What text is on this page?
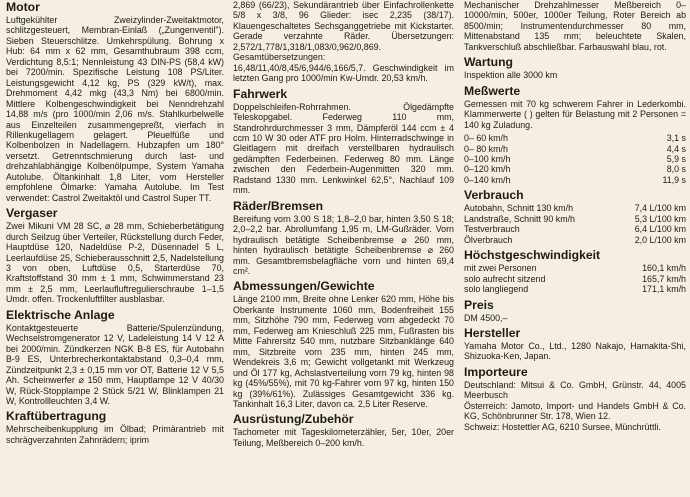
Motor

Luftgekühlter Zweizylinder-Zweitaktmotor, schlitzgesteuert, Membran-Einlaß („Zungenventil"). Sieben Steuerschlitze. Umkehrspülung. Bohrung x Hub: 64 mm x 62 mm, Gesamthubraum 398 ccm, Verdichtung 8,5:1; Nennleistung 43 DIN-PS (58,4 kW) bei 7200/min. Spezifische Leistung 108 PS/Liter. Leistungsgewicht 4,12 kg, PS (329 kW/t), max. Drehmoment 4,42 mkg (43,3 Nm) bei 6800/min. Mittlere Kolbengeschwindigkeit bei Nenndrehzahl 14,88 m/s (pro 1000/min 2,06 m/s. Stahlkurbelwelle aus Einzelteilen zusammengepreßt, vierfach in Rillenkugellagern gelagert. Pleuelfüße und Kolbenbolzen in Nadellagern. Hubzapfen um 180° versetzt. Getrenntschmierung durch last- und drehzahlabhängige Kolbenölpumpe, System Yamaha Autolube. Öltankinhalt 1,8 Liter, vom Hersteller empfohlene Ölmarke: Yamaha Autolube. Im Test verwendet: Castrol Zweitaktöl und Castrol Super TT.

Vergaser

Zwei Mikuni VM 28 SC, ⌀ 28 mm, Schieberbetätigung durch Seilzug über Verteiler, Rückstellung durch Feder, Hauptdüse 120, Nadeldüse P-2, Düsennadel 5 L, Leerlaufdüse 25, Schieberausschnitt 2,5, Nadelstellung 3 von oben, Luftdüse 0,5, Starterdüse 70, Kraftstoffstand 30 mm ± 1 mm, Schwimmerstand 23 mm ± 2,5 mm, Leerlaufluftregulierschraube 1–1,5 Umdr. offen. Trockenluftfilter ausblasbar.

Elektrische Anlage

Kontaktgesteuerte Batterie/Spulenzündung, Wechselstromgenerator 12 V, Ladeleistung 14 V 12 A bei 2000/min. Zündkerzen NGK B-8 ES, für Autobahn B-9 ES, Unterbrecherkontaktabstand 0,3–0,4 mm, Zündzeitpunkt 2,3 ± 0,15 mm vor OT, Batterie 12 V 5,5 Ah. Scheinwerfer ⌀ 150 mm, Hauptlampe 12 V 40/30 W, Rück-Stopplampe 2 Stück 5/21 W, Blinklampen 21 W, Kontrollleuchten 3,4 W.

Kraftübertragung

Mehrscheibenkupplung im Ölbad; Primärantrieb mit schrägverzahnten Zahnrädern; iprim

2,869 (66/23), Sekundärantrieb über Einfachrollenkette 5/8 x 3/8, 96 Glieder: isec 2,235 (38/17). Klauengeschaltetes Sechsganggetriebe mit Kickstarter. Gerade verzahnte Räder. Übersetzungen: 2,572/1,778/1,318/1,083/0,962/0,869. Gesamtübersetzungen: 16,48/11,40/8,45/6,944/6,166/5,7. Geschwindigkeit im letzten Gang pro 1000/min Kw-Umdr. 20,53 km/h.

Fahrwerk

Doppelschleifen-Rohrrahmen. Ölgedämpfte Teleskopgabel. Federweg 110 mm, Standrohrdurchmesser 3 mm, Dämpferöl 144 ccm ± 4 ccm 10 W 30 oder ATF pro Holm. Hinterradschwinge in Gleitlagern mit dreifach verstellbaren hydraulisch gedämpften Federbeinen. Federweg 80 mm. Länge zwischen den Federbein-Augenmitten 320 mm. Radstand 1330 mm. Lenkwinkel 62,5°, Nachlauf 109 mm.

Räder/Bremsen

Bereifung vorn 3.00 S 18; 1,8–2,0 bar, hinten 3,50 S 18; 2,0–2,2 bar. Abrollumfang 1,95 m, LM-Gußräder. Vorn hydraulisch betätigte Scheibenbremse ⌀ 260 mm, hinten hydraulisch betätigte Scheibenbremse ⌀ 260 mm. Gesamtbremsbelagfläche vorn und hinten 69,4 cm².

Abmessungen/Gewichte

Länge 2100 mm, Breite ohne Lenker 620 mm, Höhe bis Oberkante Instrumente 1060 mm, Bodenfreiheit 155 mm, Sitzhöhe 790 mm, Federweg vorn abgedeckt 70 mm, Federweg am Knieschluß 225 mm, Fußrasten bis Mitte Fahrersitz 540 mm, nutzbare Sitzbanklänge 640 mm, Sitzbreite vorn 235 mm, hinten 245 mm, Wendekreis 3,6 m; Gewicht vollgetankt mit Werkzeug und Öl 177 kg, Achslastverteilung vorn 79 kg, hinten 98 kg (45%/55%), mit 70 kg-Fahrer vorn 97 kg, hinten 150 kg (39%/61%). Zulässiges Gesamtgewicht 336 kg. Tankinhalt 16,3 Liter, davon ca. 2,5 Liter Reserve.

Ausrüstung/Zubehör

Tachometer mit Tageskilometerzähler, 5er, 10er, 20er Teilung, Meßbereich 0–200 km/h.

Mechanischer Drehzahlmesser Meßbereich 0–10000/min, 500er, 1000er Teilung, Roter Bereich ab 8500/min; Instrumentendurchmesser 80 mm, Mittenabstand 135 mm; beleuchtete Skalen, Tankverschluß abschließbar. Farbauswahl blau, rot.

Wartung

Inspektion alle 3000 km

Meßwerte

Gemessen mit 70 kg schwerem Fahrer in Lederkombi. Klammerwerte ( ) gelten für Belastung mit 2 Personen = 140 kg Zuladung.

0– 60 km/h	3,1 s
0– 80 km/h	4,4 s
0–100 km/h	5,9 s
0–120 km/h	8,0 s
0–140 km/h	11,9 s
Verbrauch
Autobahn, Schnitt 130 km/h	7,4 L/100 km
Landstraße, Schnitt 90 km/h	5,3 L/100 km
Testverbrauch	6,4 L/100 km
Ölverbrauch	2,0 L/100 km
Höchstgeschwindigkeit
mit zwei Personen	160,1 km/h
solo aufrecht sitzend	165,7 km/h
solo langliegend	171,1 km/h
Preis

DM 4500,–

Hersteller

Yamaha Motor Co., Ltd., 1280 Nakajo, Hamakita-Shi, Shizuoka-Ken, Japan.

Importeure

Deutschland: Mitsui & Co. GmbH, Grünstr. 44, 4005 Meerbusch

Österreich: Jamoto, Import- und Handels GmbH & Co. KG, Schönbrunner Str. 178, Wien 12.

Schweiz: Hostettler AG, 6210 Sursee, Münchrüttli.
